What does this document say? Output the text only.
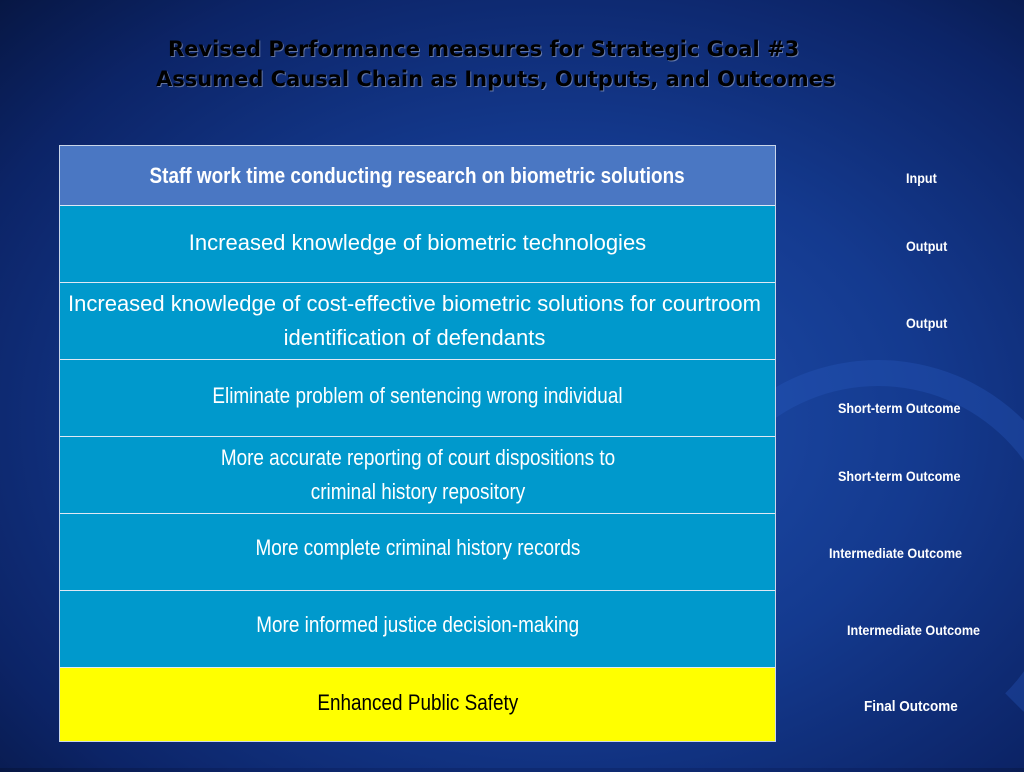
Revised Performance measures for Strategic Goal #3
Assumed Causal Chain as Inputs, Outputs, and Outcomes
Staff work time conducting research on biometric solutions
Increased knowledge of biometric technologies
Increased knowledge of cost-effective biometric solutions for courtroom identification of defendants
Eliminate problem of sentencing wrong individual
More accurate reporting of court dispositions to criminal history repository
More complete criminal history records
More informed justice decision-making
Enhanced Public Safety
Input
Output
Output
Short-term Outcome
Short-term Outcome
Intermediate Outcome
Intermediate Outcome
Final Outcome
